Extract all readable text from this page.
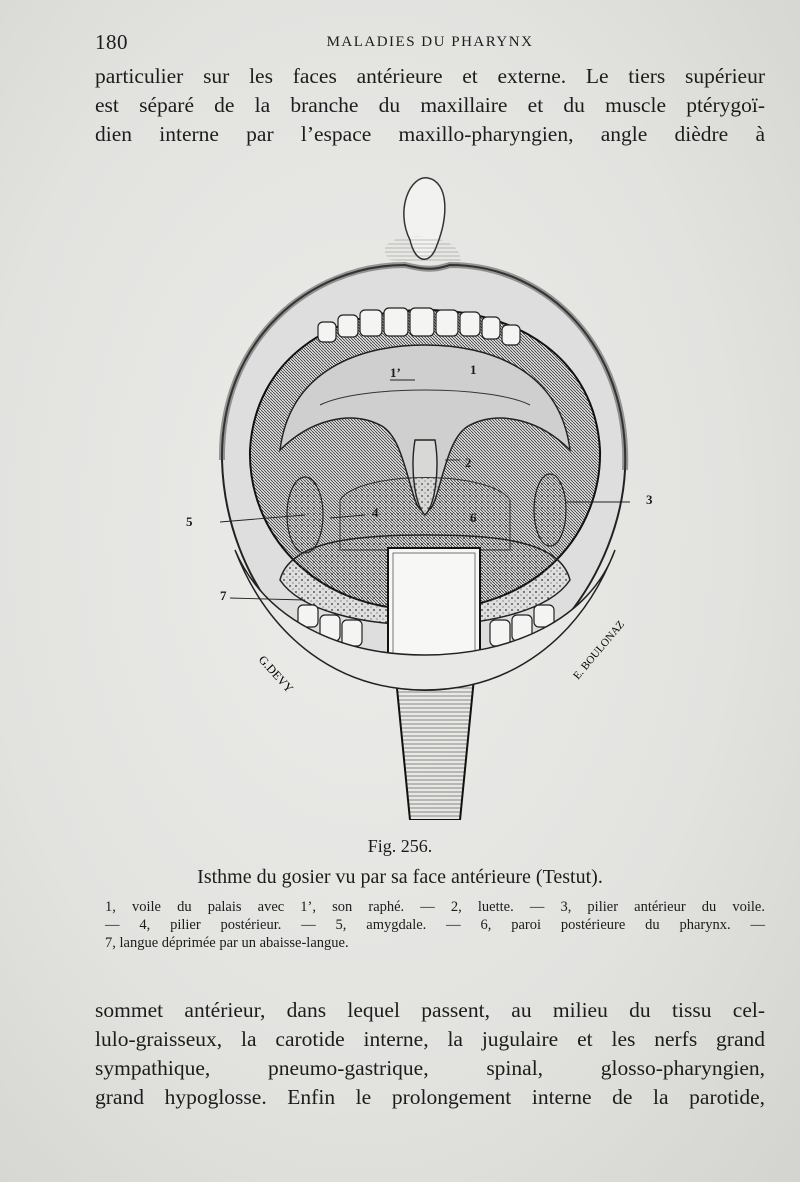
180	MALADIES DU PHARYNX

particulier sur les faces antérieure et externe. Le tiers supérieur
est séparé de la branche du maxillaire et du muscle ptérygoï-
dien interne par l’espace maxillo-pharyngien, angle dièdre à

G.DEVY	E. BOULONAZ
1’	1
2
3
4
5	6
7
Fig. 256.
Isthme du gosier vu par sa face antérieure (Testut).
1, voile du palais avec 1’, son raphé. — 2, luette. — 3, pilier antérieur du voile.
— 4, pilier postérieur. — 5, amygdale. — 6, paroi postérieure du pharynx. —
7, langue déprimée par un abaisse-langue.

sommet antérieur, dans lequel passent, au milieu du tissu cel-
lulo-graisseux, la carotide interne, la jugulaire et les nerfs grand
sympathique, pneumo-gastrique, spinal, glosso-pharyngien,
grand hypoglosse. Enfin le prolongement interne de la parotide,
